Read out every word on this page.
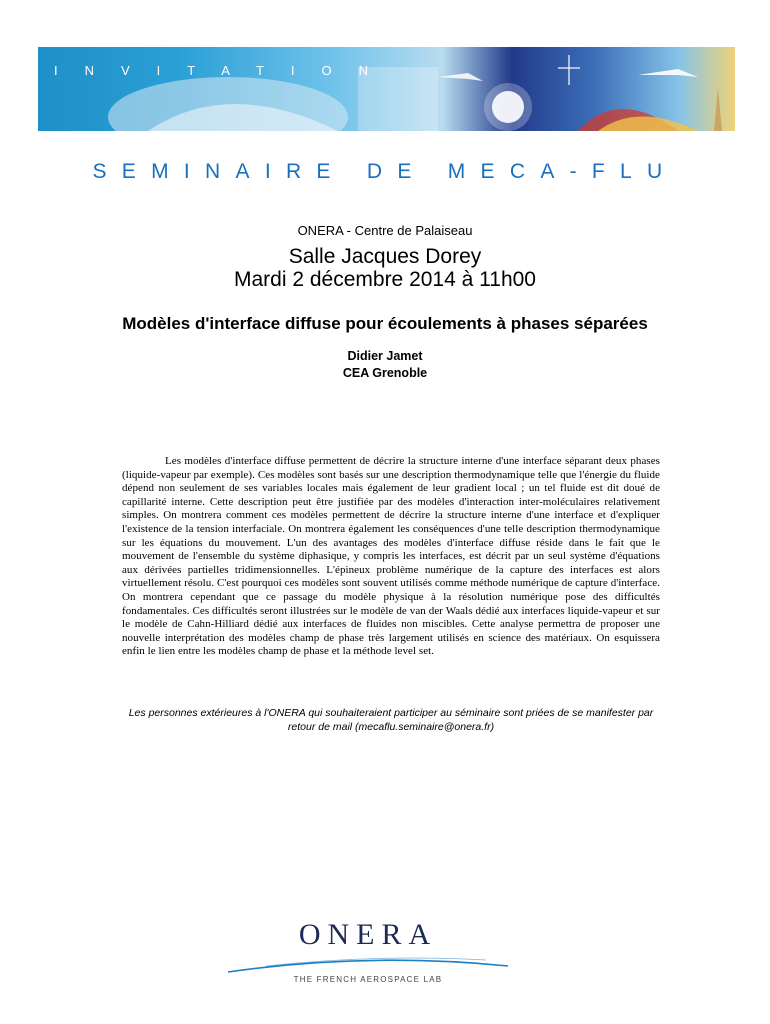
INVITATION

SEMINAIRE DE MECA-FLU

ONERA - Centre de Palaiseau

Salle Jacques Dorey

Mardi 2 décembre 2014 à 11h00

Modèles d'interface diffuse pour écoulements à phases séparées

Didier Jamet

CEA Grenoble

Les modèles d'interface diffuse permettent de décrire la structure interne d'une interface séparant deux phases (liquide-vapeur par exemple). Ces modèles sont basés sur une description thermodynamique telle que l'énergie du fluide dépend non seulement de ses variables locales mais également de leur gradient local ; un tel fluide est dit doué de capillarité interne. Cette description peut être justifiée par des modèles d'interaction inter-moléculaires relativement simples. On montrera comment ces modèles permettent de décrire la structure interne d'une interface et d'expliquer l'existence de la tension interfaciale. On montrera également les conséquences d'une telle description thermodynamique sur les équations du mouvement. L'un des avantages des modèles d'interface diffuse réside dans le fait que le mouvement de l'ensemble du système diphasique, y compris les interfaces, est décrit par un seul système d'équations aux dérivées partielles tridimensionnelles. L'épineux problème numérique de la capture des interfaces est alors virtuellement résolu. C'est pourquoi ces modèles sont souvent utilisés comme méthode numérique de capture d'interface. On montrera cependant que ce passage du modèle physique à la résolution numérique pose des difficultés fondamentales. Ces difficultés seront illustrées sur le modèle de van der Waals dédié aux interfaces liquide-vapeur et sur le modèle de Cahn-Hilliard dédié aux interfaces de fluides non miscibles. Cette analyse permettra de proposer une nouvelle interprétation des modèles champ de phase très largement utilisés en science des matériaux. On esquissera enfin le lien entre les modèles champ de phase et la méthode level set.

Les personnes extérieures à l'ONERA qui souhaiteraient participer au séminaire sont priées de se manifester par retour de mail (mecaflu.seminaire@onera.fr)

ONERA

THE FRENCH AEROSPACE LAB
